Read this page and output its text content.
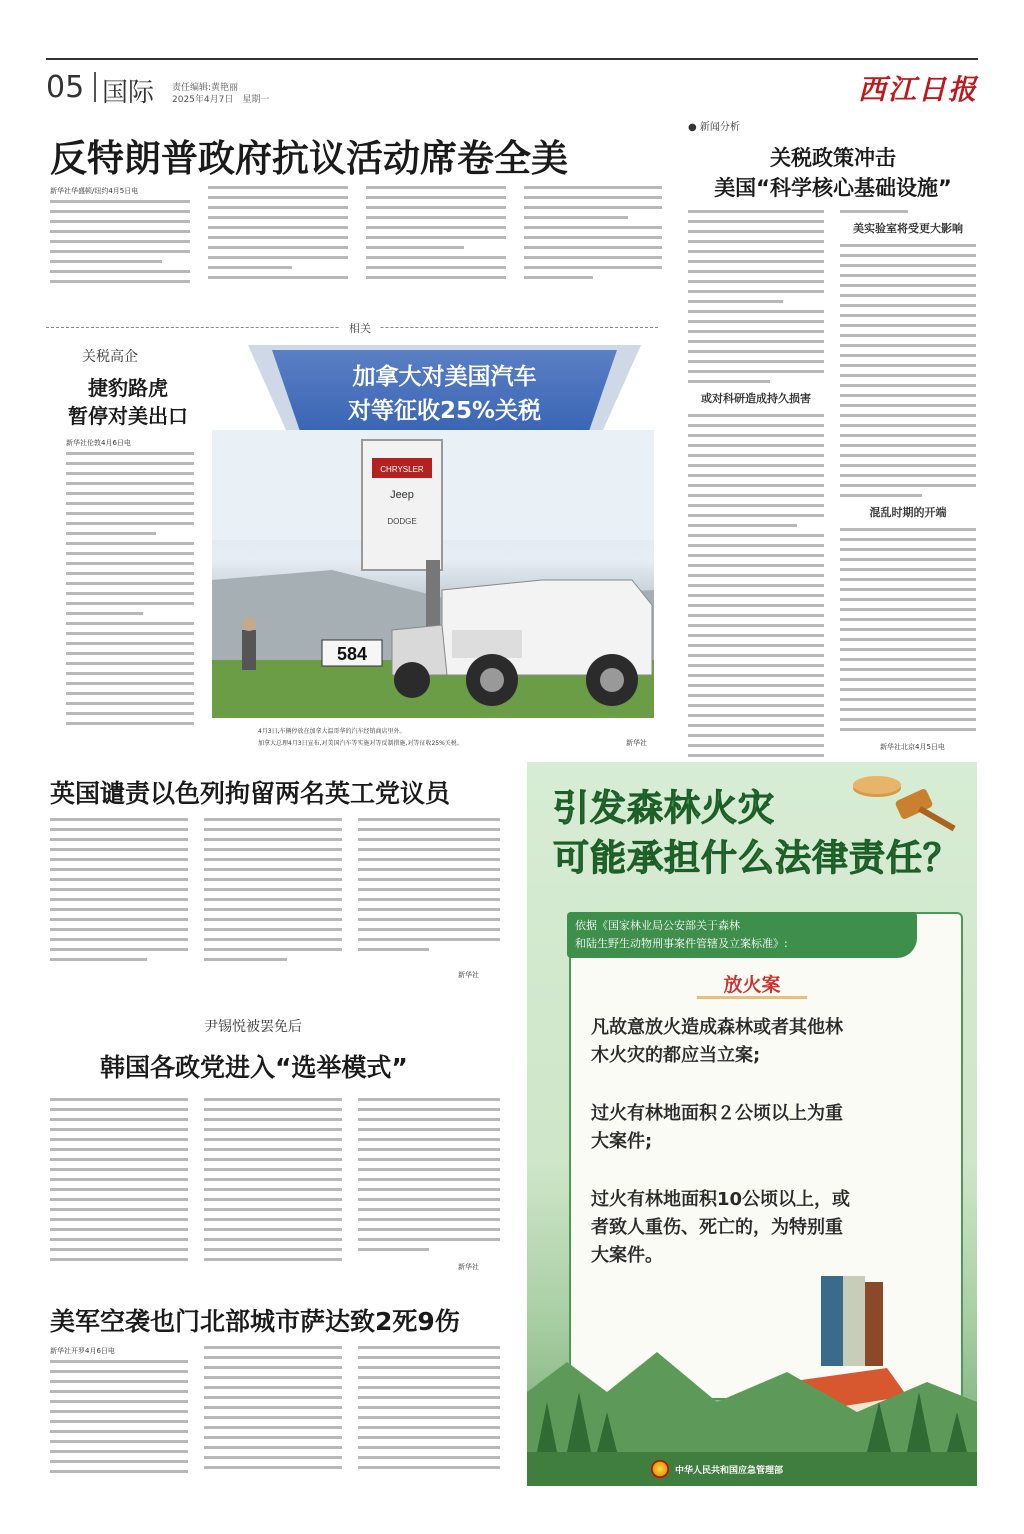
05 国际 责任编辑:黄艳丽
2025年4月7日　星期一	西江日报
反特朗普政府抗议活动席卷全美
新华社华盛顿/纽约4月5日电
● 新闻分析
关税政策冲击
美国“科学核心基础设施”
或对科研造成持久损害
美实验室将受更大影响
混乱时期的开端
新华社北京4月5日电
相关
关税高企
捷豹路虎
暂停对美出口
新华社伦敦4月6日电
加拿大对美国汽车
对等征收25%关税
CHRYSLER
Jeep
DODGE
584
4月3日,车辆停放在加拿大温哥华的汽车经销商店里外。
加拿大总理4月3日宣布,对美国汽车等实施对等反制措施,对等征收25%关税。	新华社
英国谴责以色列拘留两名英工党议员
新华社
尹锡悦被罢免后
韩国各政党进入“选举模式”
新华社
美军空袭也门北部城市萨达致2死9伤
新华社开罗4月6日电
引发森林火灾
可能承担什么法律责任？
依据《国家林业局公安部关于森林
和陆生野生动物刑事案件管辖及立案标准》:
放火案
凡故意放火造成森林或者其他林
木火灾的都应当立案;
过火有林地面积２公顷以上为重
大案件;
过火有林地面积10公顷以上，或
者致人重伤、死亡的，为特别重
大案件。
中华人民共和国应急管理部
